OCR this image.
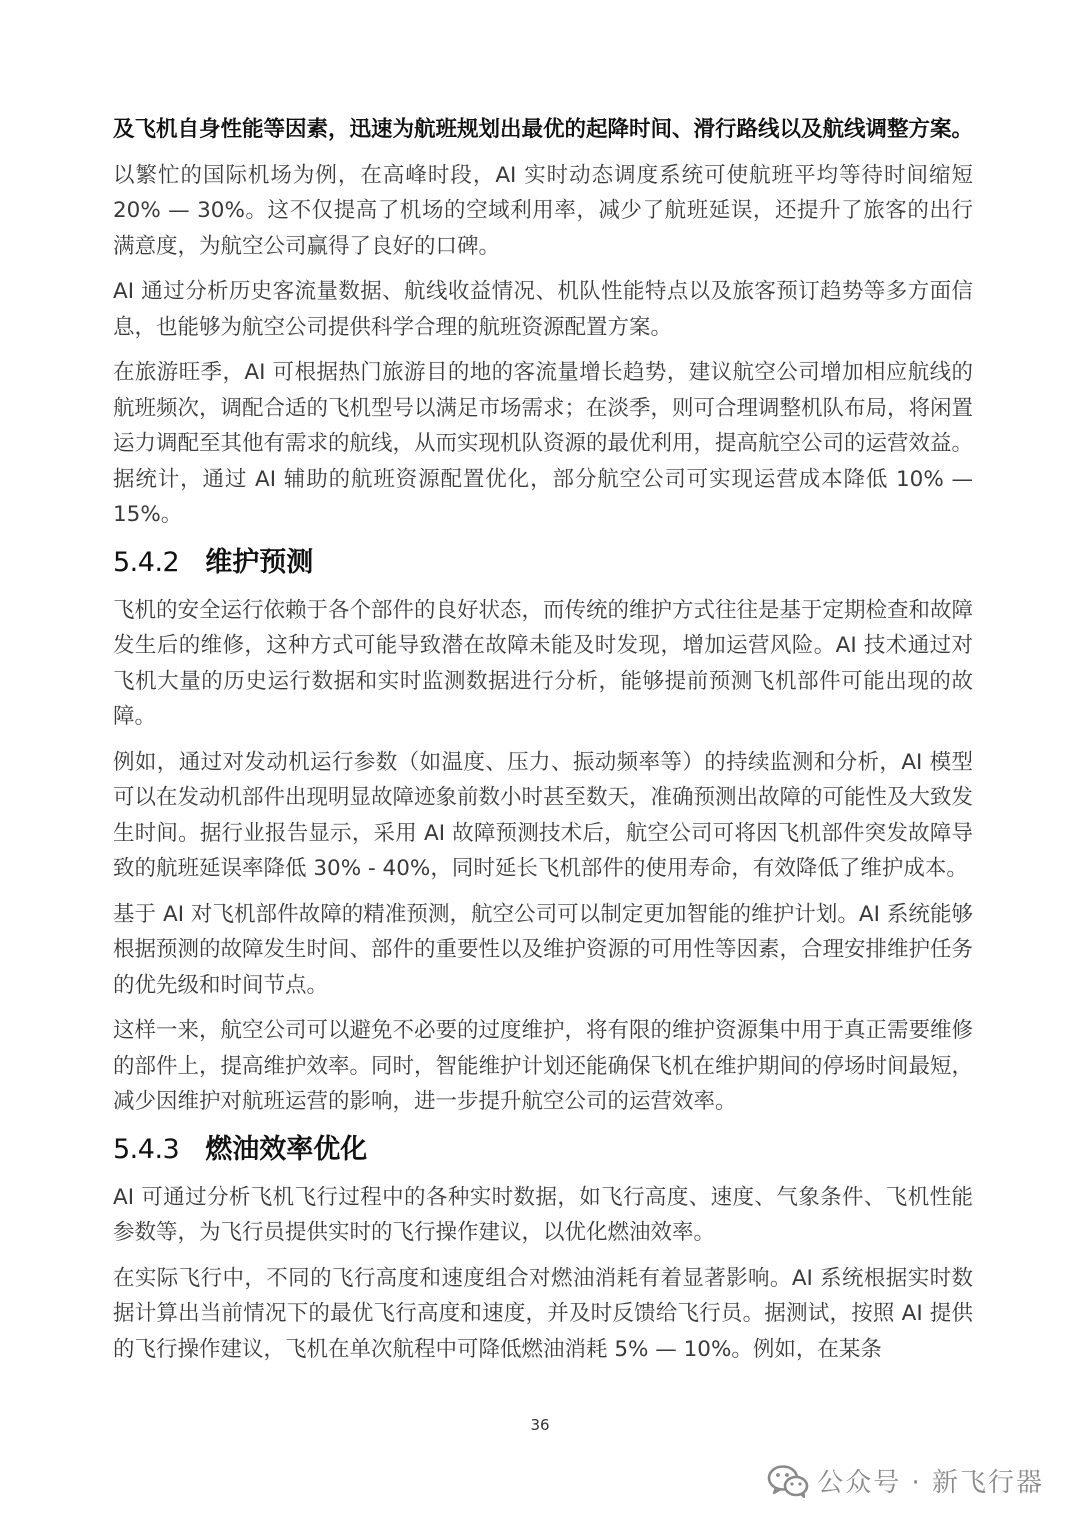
及飞机自身性能等因素，迅速为航班规划出最优的起降时间、滑行路线以及航线调整方案。

以繁忙的国际机场为例，在高峰时段，AI 实时动态调度系统可使航班平均等待时间缩短 20% — 30%。这不仅提高了机场的空域利用率，减少了航班延误，还提升了旅客的出行满意度，为航空公司赢得了良好的口碑。

AI 通过分析历史客流量数据、航线收益情况、机队性能特点以及旅客预订趋势等多方面信息，也能够为航空公司提供科学合理的航班资源配置方案。

在旅游旺季，AI 可根据热门旅游目的地的客流量增长趋势，建议航空公司增加相应航线的航班频次，调配合适的飞机型号以满足市场需求；在淡季，则可合理调整机队布局，将闲置运力调配至其他有需求的航线，从而实现机队资源的最优利用，提高航空公司的运营效益。据统计，通过 AI 辅助的航班资源配置优化，部分航空公司可实现运营成本降低 10% — 15%。

5.4.2 维护预测

飞机的安全运行依赖于各个部件的良好状态，而传统的维护方式往往是基于定期检查和故障发生后的维修，这种方式可能导致潜在故障未能及时发现，增加运营风险。AI 技术通过对飞机大量的历史运行数据和实时监测数据进行分析，能够提前预测飞机部件可能出现的故障。

例如，通过对发动机运行参数（如温度、压力、振动频率等）的持续监测和分析，AI 模型可以在发动机部件出现明显故障迹象前数小时甚至数天，准确预测出故障的可能性及大致发生时间。据行业报告显示，采用 AI 故障预测技术后，航空公司可将因飞机部件突发故障导致的航班延误率降低 30% - 40%，同时延长飞机部件的使用寿命，有效降低了维护成本。

基于 AI 对飞机部件故障的精准预测，航空公司可以制定更加智能的维护计划。AI 系统能够根据预测的故障发生时间、部件的重要性以及维护资源的可用性等因素，合理安排维护任务的优先级和时间节点。

这样一来，航空公司可以避免不必要的过度维护，将有限的维护资源集中用于真正需要维修的部件上，提高维护效率。同时，智能维护计划还能确保飞机在维护期间的停场时间最短，减少因维护对航班运营的影响，进一步提升航空公司的运营效率。

5.4.3 燃油效率优化

AI 可通过分析飞机飞行过程中的各种实时数据，如飞行高度、速度、气象条件、飞机性能参数等，为飞行员提供实时的飞行操作建议，以优化燃油效率。

在实际飞行中，不同的飞行高度和速度组合对燃油消耗有着显著影响。AI 系统根据实时数据计算出当前情况下的最优飞行高度和速度，并及时反馈给飞行员。据测试，按照 AI 提供的飞行操作建议，飞机在单次航程中可降低燃油消耗 5% — 10%。例如，在某条

36
公众号 · 新飞行器
